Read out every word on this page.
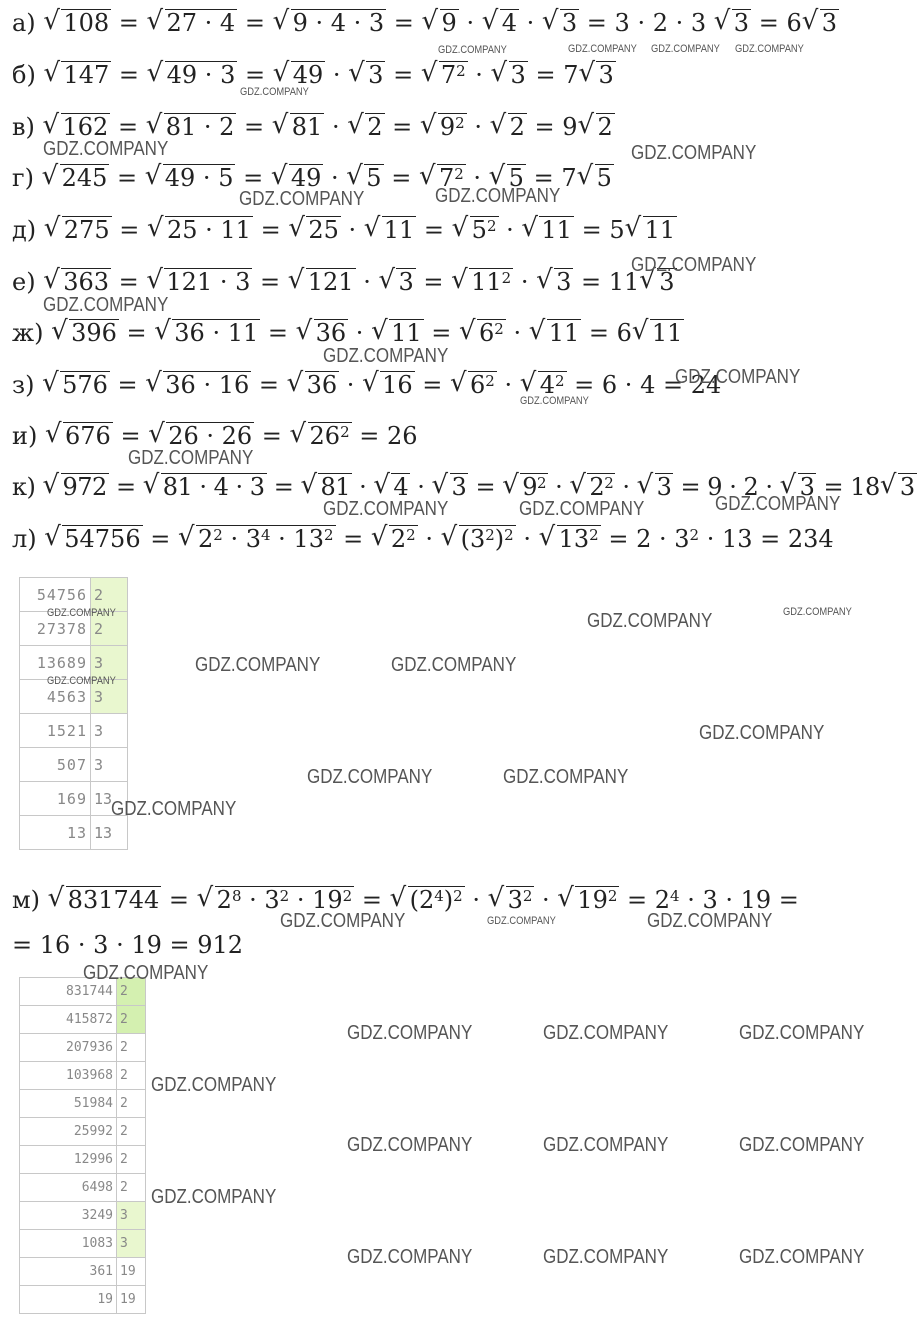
а) √ 108 = √ 27 · 4 = √ 9 · 4 · 3 = √ 9 · √ 4 · √ 3 = 3 · 2 · 3 √ 3 = 6 √ 3
б) √ 147 = √ 49 · 3 = √ 49 · √ 3 = √ $7^2$ · √ 3 = 7 √ 3
в) √ 162 = √ 81 · 2 = √ 81 · √ 2 = √ $9^2$ · √ 2 = 9 √ 2
г) √ 245 = √ 49 · 5 = √ 49 · √ 5 = √ $7^2$ · √ 5 = 7 √ 5
д) √ 275 = √ 25 · 11 = √ 25 · √ 11 = √ $5^2$ · √ 11 = 5 √ 11
е) √ 363 = √ 121 · 3 = √ 121 · √ 3 = √ $11^2$ · √ 3 = 11 √ 3
ж) √ 396 = √ 36 · 11 = √ 36 · √ 11 = √ $6^2$ · √ 11 = 6 √ 11
з) √ 576 = √ 36 · 16 = √ 36 · √ 16 = √ $6^2$ · √ $4^2 = 6 \cdot 4 = 24$
и) √ 676 = √ 26 · 26 = √ $26^2 = 26$
к) √ 972 = √ 81 · 4 · 3 = √ 81 · √ 4 · √ 3 = √ $9^2$ · √ $2^2$ · √ 3 = 9 · 2 · √ 3 = 18 √ 3
л) √ 54756 = √ $2^2 \cdot 3^4 \cdot 13^2$ = √ $2^2$ · √ $(3^2)^2$ · √ $13^2 = 2 \cdot 3^2 \cdot 13 = 234$
54756	2
27378	2
13689	3
4563	3
1521	3
507	3
169	13
13	13
м) √ 831744 = √ $2^8 \cdot 3^2 \cdot 19^2$ = √ $(2^4)^2$ · √ $3^2$ · √ $19^2 = 2^4 \cdot 3 \cdot 19$ =
= 16 · 3 · 19 = 912
831744	2
415872	2
207936	2
103968	2
51984	2
25992	2
12996	2
6498	2
3249	3
1083	3
361	19
19	19
GDZ.COMPANY	GDZ.COMPANY GDZ.COMPANY GDZ.COMPANY
GDZ.COMPANY
GDZ.COMPANY	GDZ.COMPANY
GDZ.COMPANY	GDZ.COMPANY
GDZ.COMPANY
GDZ.COMPANY
GDZ.COMPANY
GDZ.COMPANY
GDZ.COMPANY
GDZ.COMPANY
GDZ.COMPANY	GDZ.COMPANY	GDZ.COMPANY
GDZ.COMPANY	GDZ.COMPANY
GDZ.COMPANY
GDZ.COMPANY
GDZ.COMPANY	GDZ.COMPANY
GDZ.COMPANY
GDZ.COMPANY	GDZ.COMPANY
GDZ.COMPANY
GDZ.COMPANY	GDZ.COMPANY	GDZ.COMPANY
GDZ.COMPANY
GDZ.COMPANY	GDZ.COMPANY	GDZ.COMPANY
GDZ.COMPANY
GDZ.COMPANY	GDZ.COMPANY	GDZ.COMPANY
GDZ.COMPANY
GDZ.COMPANY	GDZ.COMPANY	GDZ.COMPANY
